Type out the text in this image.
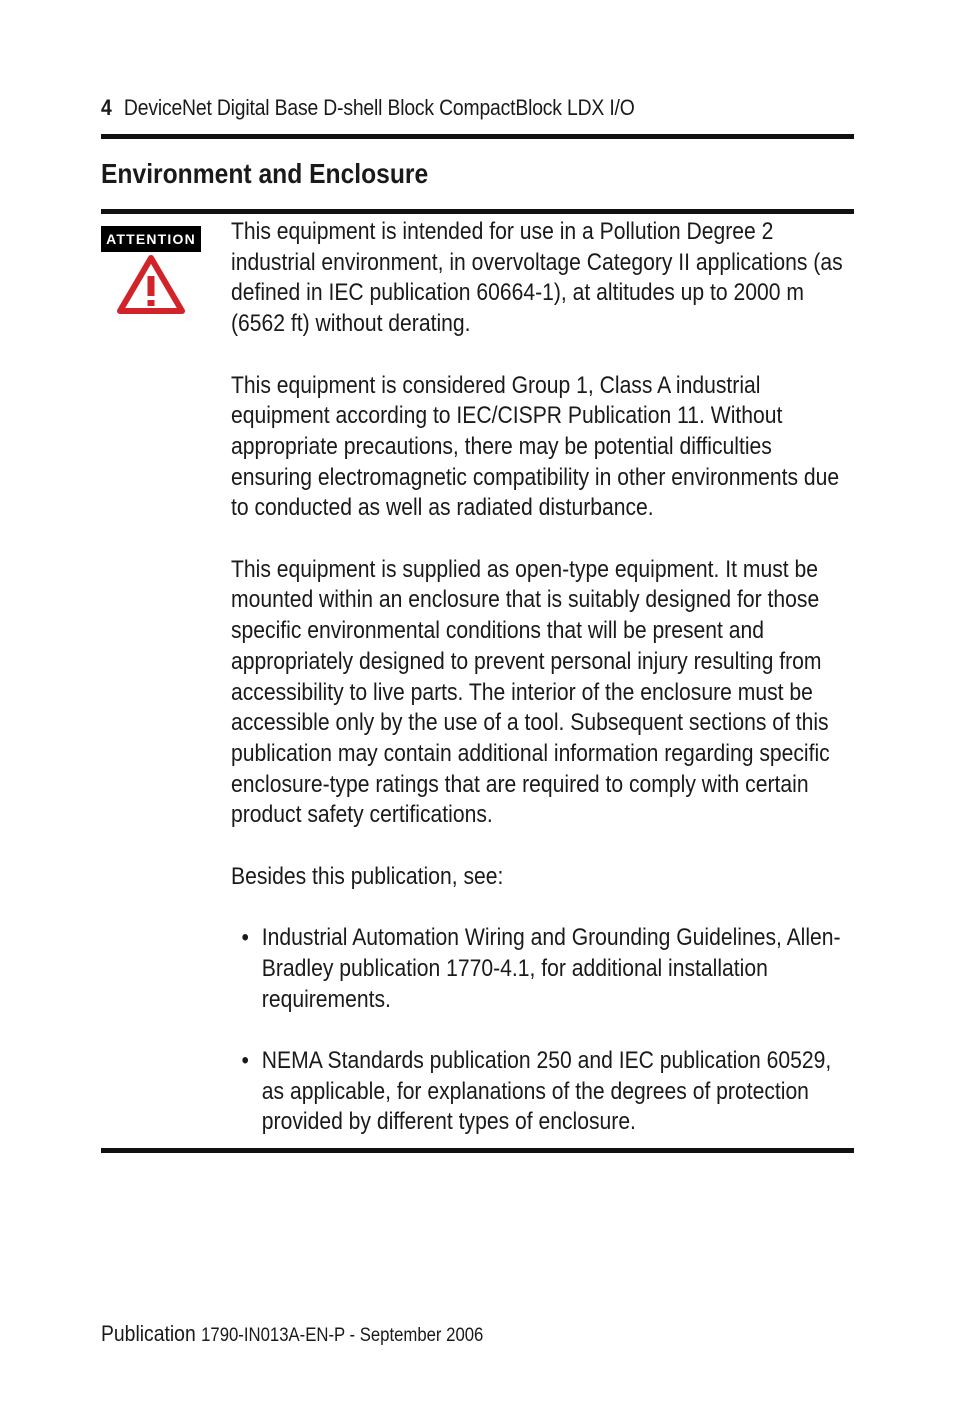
4 DeviceNet Digital Base D-shell Block CompactBlock LDX I/O
Environment and Enclosure
ATTENTION This equipment is intended for use in a Pollution Degree 2 industrial environment, in overvoltage Category II applications (as defined in IEC publication 60664-1), at altitudes up to 2000 m (6562 ft) without derating.

This equipment is considered Group 1, Class A industrial equipment according to IEC/CISPR Publication 11. Without appropriate precautions, there may be potential difficulties ensuring electromagnetic compatibility in other environments due to conducted as well as radiated disturbance.

This equipment is supplied as open-type equipment. It must be mounted within an enclosure that is suitably designed for those specific environmental conditions that will be present and appropriately designed to prevent personal injury resulting from accessibility to live parts. The interior of the enclosure must be accessible only by the use of a tool. Subsequent sections of this publication may contain additional information regarding specific enclosure-type ratings that are required to comply with certain product safety certifications.

Besides this publication, see:

• Industrial Automation Wiring and Grounding Guidelines, Allen-Bradley publication 1770-4.1, for additional installation requirements.
• NEMA Standards publication 250 and IEC publication 60529, as applicable, for explanations of the degrees of protection provided by different types of enclosure.
Publication 1790-IN013A-EN-P - September 2006
